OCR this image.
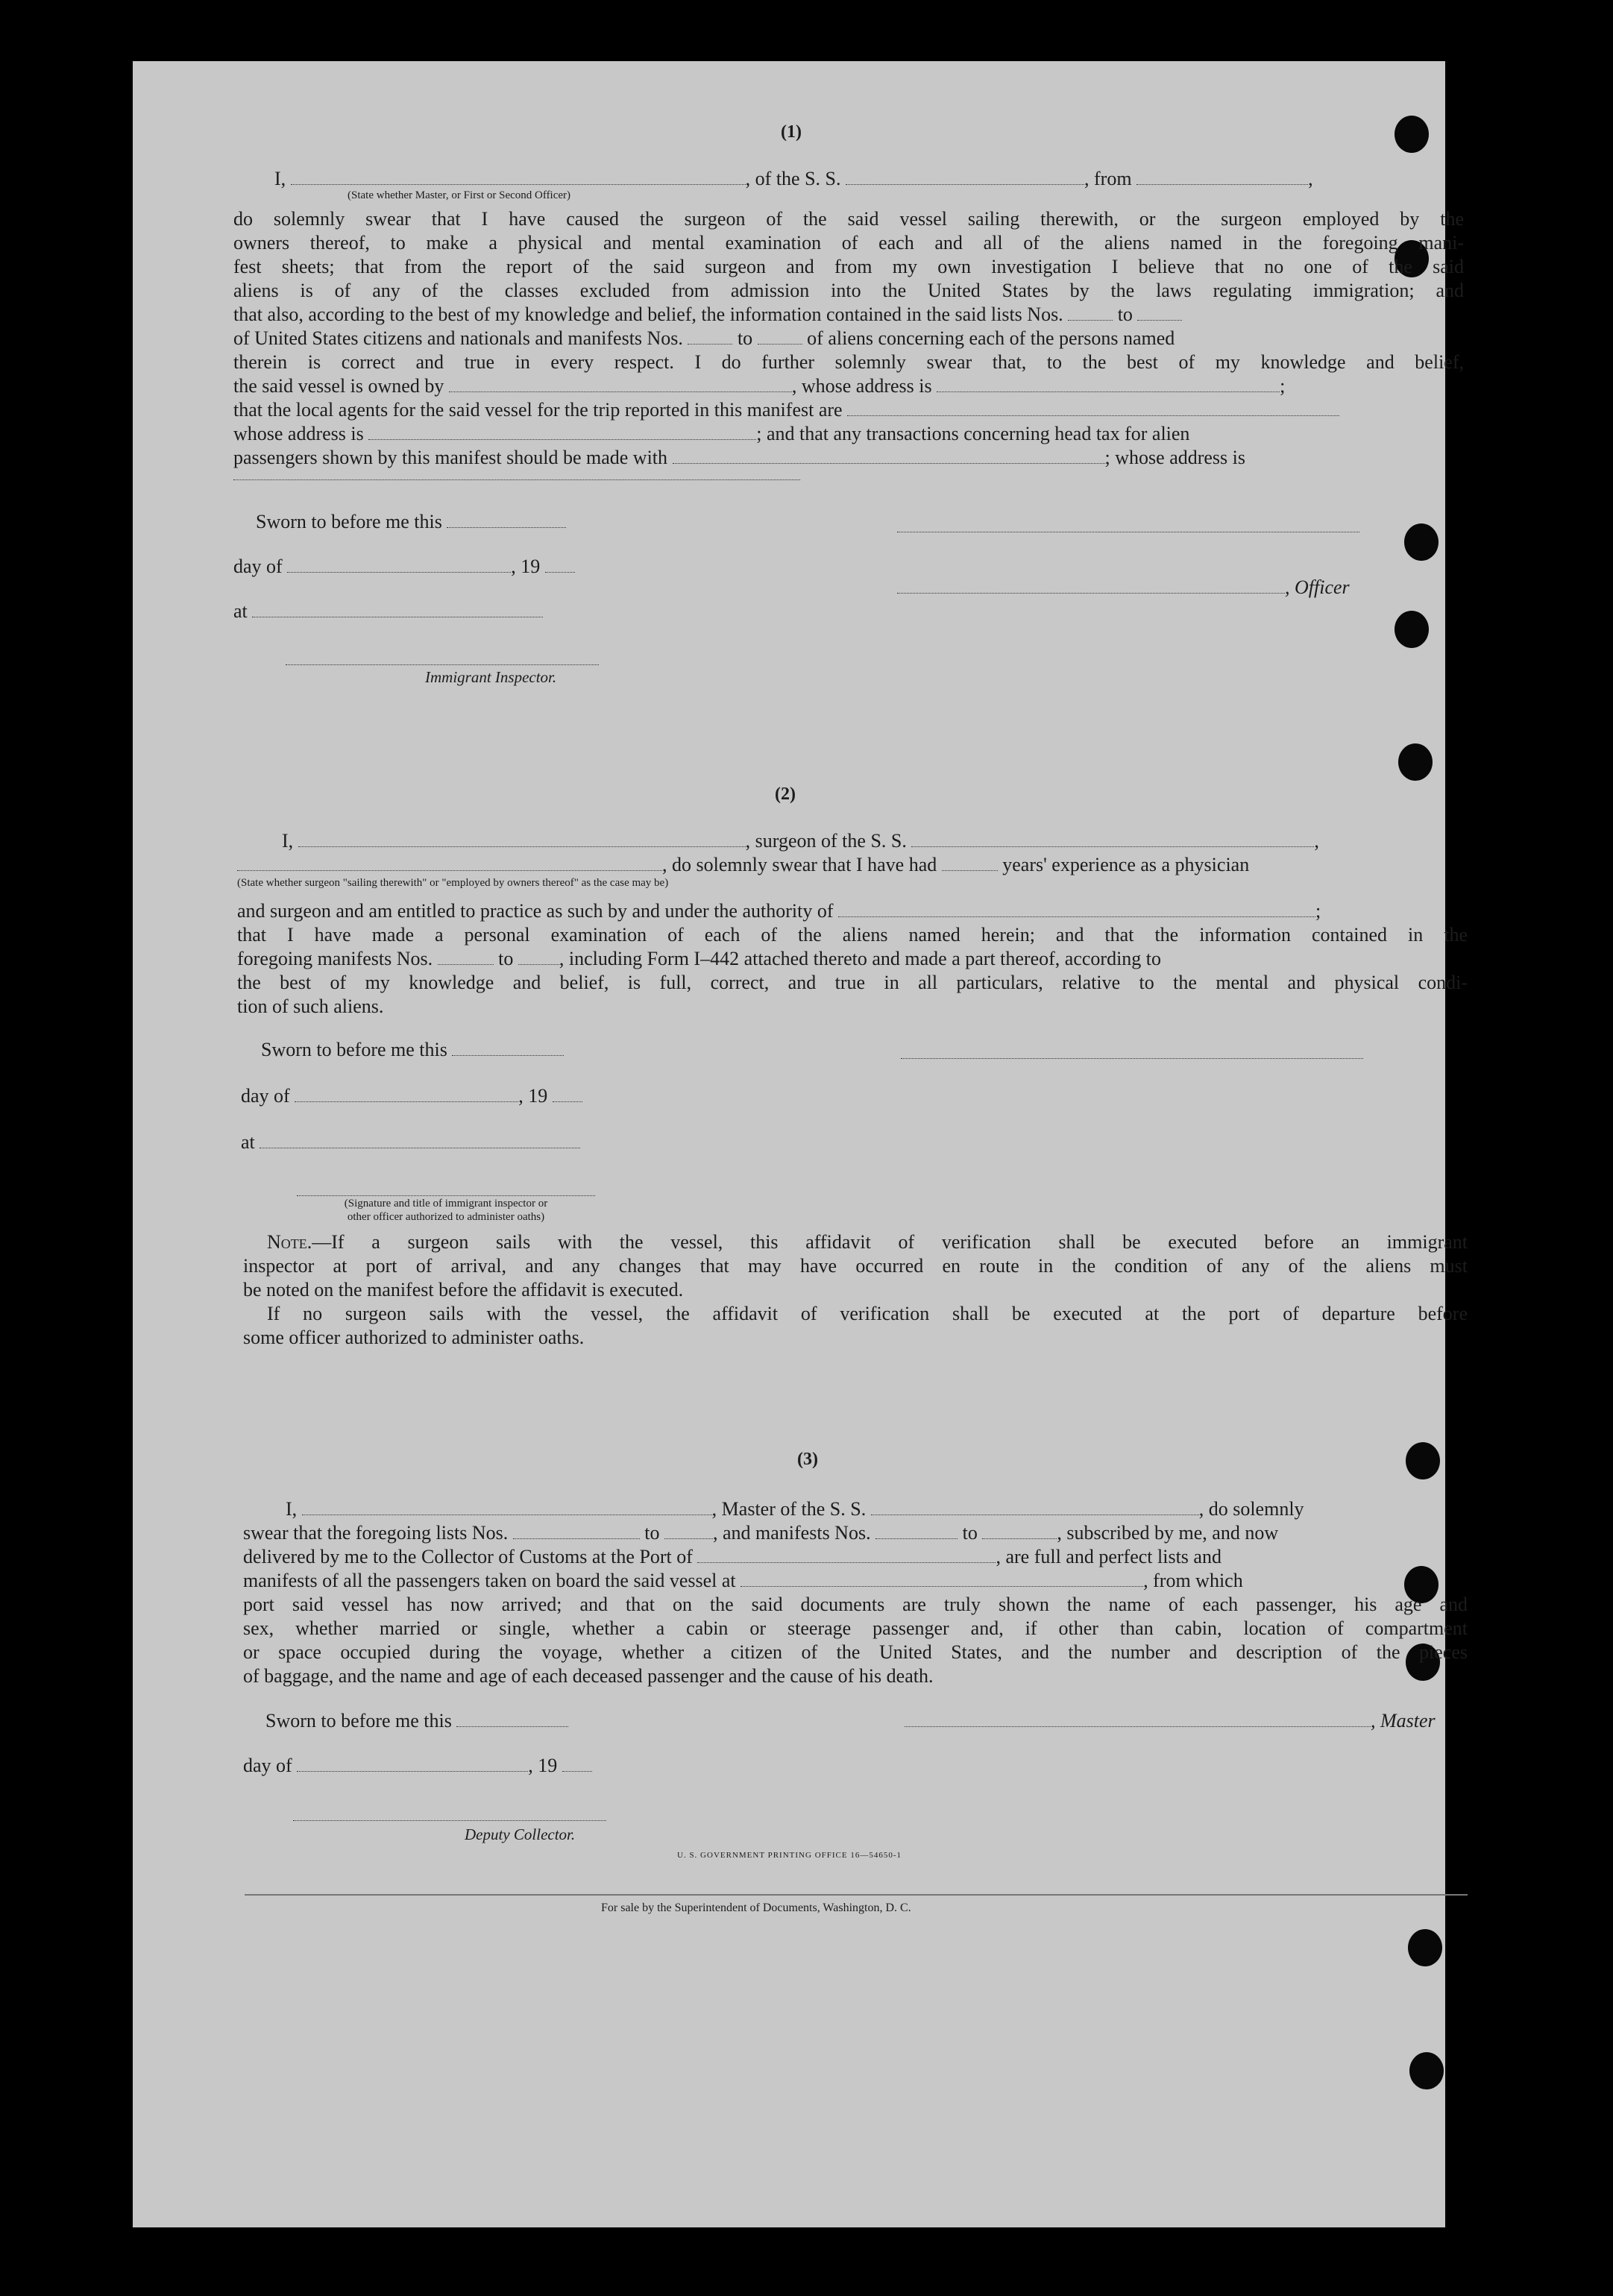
(1)
I,	, of the S. S.	, from	,
(State whether Master, or First or Second Officer)
do solemnly swear that I have caused the surgeon of the said vessel sailing therewith, or the surgeon employed by the
owners thereof, to make a physical and mental examination of each and all of the aliens named in the foregoing mani-
fest sheets; that from the report of the said surgeon and from my own investigation I believe that no one of the said
aliens is of any of the classes excluded from admission into the United States by the laws regulating immigration; and
that also, according to the best of my knowledge and belief, the information contained in the said lists Nos.	to
of United States citizens and nationals and manifests Nos.	to	of aliens concerning each of the persons named
therein is correct and true in every respect. I do further solemnly swear that, to the best of my knowledge and belief,
the said vessel is owned by	, whose address is	;
that the local agents for the said vessel for the trip reported in this manifest are
whose address is	; and that any transactions concerning head tax for alien
passengers shown by this manifest should be made with	; whose address is
Sworn to before me this
day of	, 19
, Officer
at
Immigrant Inspector.
(2)
I,	, surgeon of the S. S.	,
, do solemnly swear that I have had	years' experience as a physician
(State whether surgeon "sailing therewith" or "employed by owners thereof" as the case may be)
and surgeon and am entitled to practice as such by and under the authority of	;
that I have made a personal examination of each of the aliens named herein; and that the information contained in the
foregoing manifests Nos.	to , including Form I–442 attached thereto and made a part thereof, according to
the best of my knowledge and belief, is full, correct, and true in all particulars, relative to the mental and physical condi-
tion of such aliens.
Sworn to before me this
day of	, 19
at
(Signature and title of immigrant inspector or
other officer authorized to administer oaths)
Note.—If a surgeon sails with the vessel, this affidavit of verification shall be executed before an immigrant
inspector at port of arrival, and any changes that may have occurred en route in the condition of any of the aliens must
be noted on the manifest before the affidavit is executed.
If no surgeon sails with the vessel, the affidavit of verification shall be executed at the port of departure before
some officer authorized to administer oaths.
(3)
I,	, Master of the S. S.	, do solemnly
swear that the foregoing lists Nos.	to	, and manifests Nos.	to	, subscribed by me, and now
delivered by me to the Collector of Customs at the Port of	, are full and perfect lists and
manifests of all the passengers taken on board the said vessel at	, from which
port said vessel has now arrived; and that on the said documents are truly shown the name of each passenger, his age and
sex, whether married or single, whether a cabin or steerage passenger and, if other than cabin, location of compartment
or space occupied during the voyage, whether a citizen of the United States, and the number and description of the pieces
of baggage, and the name and age of each deceased passenger and the cause of his death.
Sworn to before me this	, Master
day of	, 19
Deputy Collector.
U. S. GOVERNMENT PRINTING OFFICE 16—54650-1
For sale by the Superintendent of Documents, Washington, D. C.
